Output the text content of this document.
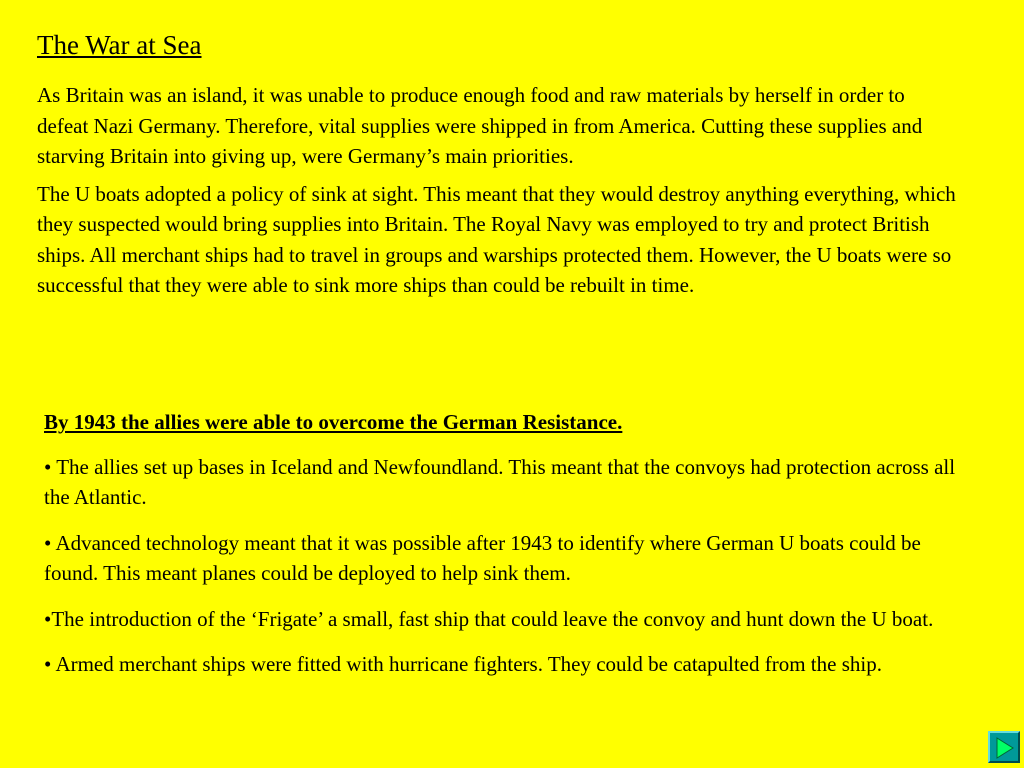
The War at Sea

As Britain was an island, it was unable to produce enough food and raw materials by herself in order to defeat Nazi Germany. Therefore, vital supplies were shipped in from America. Cutting these supplies and starving Britain into giving up, were Germany’s main priorities.

The U boats adopted a policy of sink at sight. This meant that they would destroy anything everything, which they suspected would bring supplies into Britain. The Royal Navy was employed to try and protect British ships. All merchant ships had to travel in groups and warships protected them. However, the U boats were so successful that they were able to sink more ships than could be rebuilt in time.

By 1943 the allies were able to overcome the German Resistance.

• The allies set up bases in Iceland and Newfoundland. This meant that the convoys had protection across all the Atlantic.

• Advanced technology meant that it was possible after 1943 to identify where German U boats could be found. This meant planes could be deployed to help sink them.

•The introduction of the ‘Frigate’ a small, fast ship that could leave the convoy and hunt down the U boat.

• Armed merchant ships were fitted with hurricane fighters. They could be catapulted from the ship.
